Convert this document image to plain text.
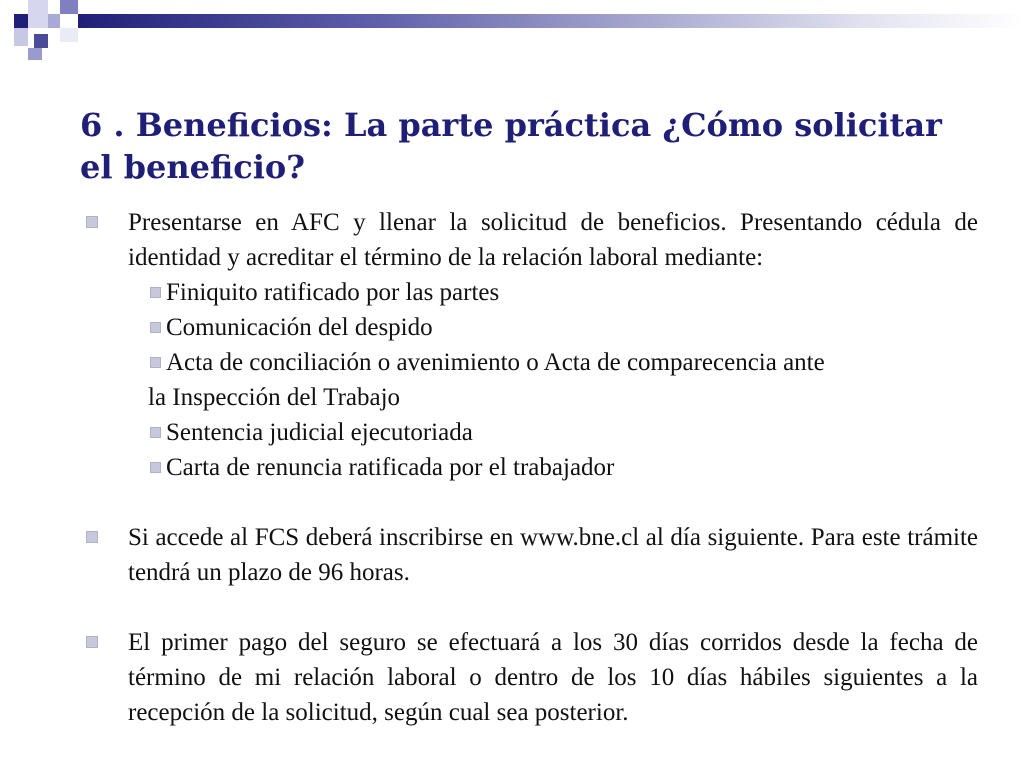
6 . Beneficios: La parte práctica ¿Cómo solicitar el beneficio?
Presentarse en AFC y llenar la solicitud de beneficios. Presentando cédula de identidad y acreditar el término de la relación laboral mediante:
Finiquito ratificado por las partes
Comunicación del despido
Acta de conciliación o avenimiento o Acta de comparecencia ante
la Inspección del Trabajo
Sentencia judicial ejecutoriada
Carta de renuncia ratificada por el trabajador
Si accede al FCS deberá inscribirse en www.bne.cl al día siguiente. Para este trámite tendrá un plazo de 96 horas.
El primer pago del seguro se efectuará a los 30 días corridos desde la fecha de término de mi relación laboral o dentro de los 10 días hábiles siguientes a la recepción de la solicitud, según cual sea posterior.
